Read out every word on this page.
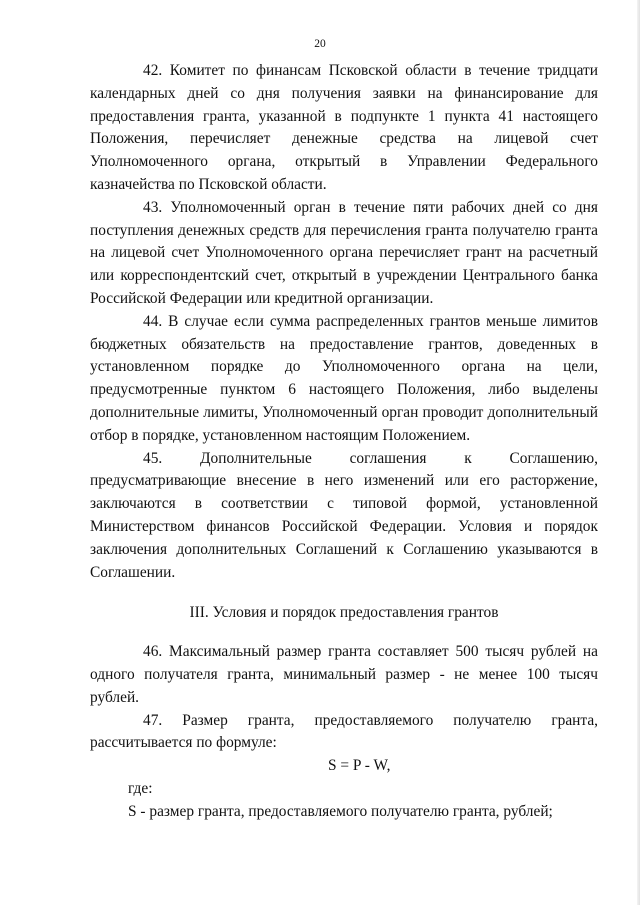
20

42. Комитет по финансам Псковской области в течение тридцати календарных дней со дня получения заявки на финансирование для предоставления гранта, указанной в подпункте 1 пункта 41 настоящего Положения, перечисляет денежные средства на лицевой счет Уполномоченного органа, открытый в Управлении Федерального казначейства по Псковской области.

43. Уполномоченный орган в течение пяти рабочих дней со дня поступления денежных средств для перечисления гранта получателю гранта на лицевой счет Уполномоченного органа перечисляет грант на расчетный или корреспондентский счет, открытый в учреждении Центрального банка Российской Федерации или кредитной организации.

44. В случае если сумма распределенных грантов меньше лимитов бюджетных обязательств на предоставление грантов, доведенных в установленном порядке до Уполномоченного органа на цели, предусмотренные пунктом 6 настоящего Положения, либо выделены дополнительные лимиты, Уполномоченный орган проводит дополнительный отбор в порядке, установленном настоящим Положением.

45. Дополнительные соглашения к Соглашению, предусматривающие внесение в него изменений или его расторжение, заключаются в соответствии с типовой формой, установленной Министерством финансов Российской Федерации. Условия и порядок заключения дополнительных Соглашений к Соглашению указываются в Соглашении.

III. Условия и порядок предоставления грантов

46. Максимальный размер гранта составляет 500 тысяч рублей на одного получателя гранта, минимальный размер - не менее 100 тысяч рублей.

47. Размер гранта, предоставляемого получателю гранта, рассчитывается по формуле:

S = P - W,

где:

S - размер гранта, предоставляемого получателю гранта, рублей;
